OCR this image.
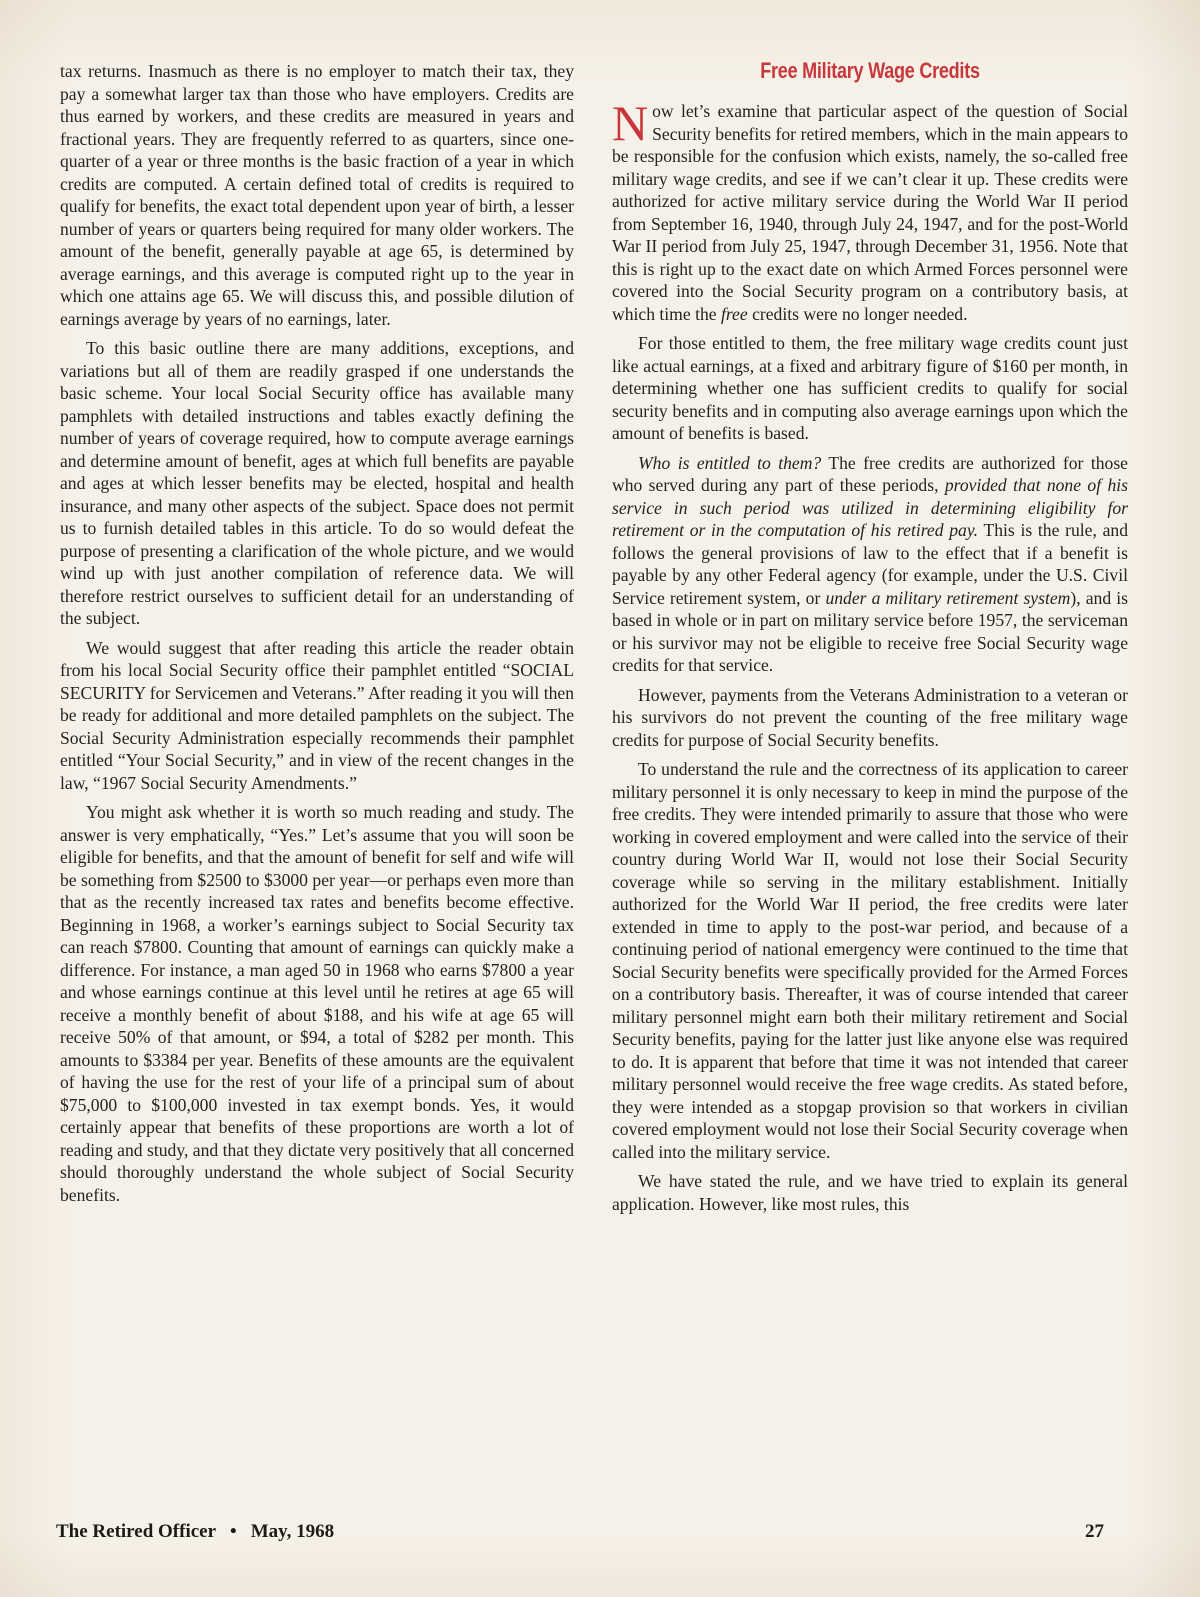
tax returns. Inasmuch as there is no employer to match their tax, they pay a somewhat larger tax than those who have employers. Credits are thus earned by workers, and these credits are measured in years and fractional years. They are frequently referred to as quarters, since one-quarter of a year or three months is the basic fraction of a year in which credits are computed. A certain defined total of credits is required to qualify for benefits, the exact total dependent upon year of birth, a lesser number of years or quarters being required for many older workers. The amount of the benefit, generally payable at age 65, is determined by average earnings, and this average is computed right up to the year in which one attains age 65. We will discuss this, and possible dilution of earnings average by years of no earnings, later.

To this basic outline there are many additions, exceptions, and variations but all of them are readily grasped if one understands the basic scheme. Your local Social Security office has available many pamphlets with detailed instructions and tables exactly defining the number of years of coverage required, how to compute average earnings and determine amount of benefit, ages at which full benefits are payable and ages at which lesser benefits may be elected, hospital and health insurance, and many other aspects of the subject. Space does not permit us to furnish detailed tables in this article. To do so would defeat the purpose of presenting a clarification of the whole picture, and we would wind up with just another compilation of reference data. We will therefore restrict ourselves to sufficient detail for an understanding of the subject.

We would suggest that after reading this article the reader obtain from his local Social Security office their pamphlet entitled “SOCIAL SECURITY for Servicemen and Veterans.” After reading it you will then be ready for additional and more detailed pamphlets on the subject. The Social Security Administration especially recommends their pamphlet entitled “Your Social Security,” and in view of the recent changes in the law, “1967 Social Security Amendments.”

You might ask whether it is worth so much reading and study. The answer is very emphatically, “Yes.” Let’s assume that you will soon be eligible for benefits, and that the amount of benefit for self and wife will be something from $2500 to $3000 per year—or perhaps even more than that as the recently increased tax rates and benefits become effective. Beginning in 1968, a worker’s earnings subject to Social Security tax can reach $7800. Counting that amount of earnings can quickly make a difference. For instance, a man aged 50 in 1968 who earns $7800 a year and whose earnings continue at this level until he retires at age 65 will receive a monthly benefit of about $188, and his wife at age 65 will receive 50% of that amount, or $94, a total of $282 per month. This amounts to $3384 per year. Benefits of these amounts are the equivalent of having the use for the rest of your life of a principal sum of about $75,000 to $100,000 invested in tax exempt bonds. Yes, it would certainly appear that benefits of these proportions are worth a lot of reading and study, and that they dictate very positively that all concerned should thoroughly understand the whole subject of Social Security benefits.

Free Military Wage Credits

Now let’s examine that particular aspect of the question of Social Security benefits for retired members, which in the main appears to be responsible for the confusion which exists, namely, the so-called free military wage credits, and see if we can’t clear it up. These credits were authorized for active military service during the World War II period from September 16, 1940, through July 24, 1947, and for the post-World War II period from July 25, 1947, through December 31, 1956. Note that this is right up to the exact date on which Armed Forces personnel were covered into the Social Security program on a contributory basis, at which time the free credits were no longer needed.

For those entitled to them, the free military wage credits count just like actual earnings, at a fixed and arbitrary figure of $160 per month, in determining whether one has sufficient credits to qualify for social security benefits and in computing also average earnings upon which the amount of benefits is based.

Who is entitled to them? The free credits are authorized for those who served during any part of these periods, provided that none of his service in such period was utilized in determining eligibility for retirement or in the computation of his retired pay. This is the rule, and follows the general provisions of law to the effect that if a benefit is payable by any other Federal agency (for example, under the U.S. Civil Service retirement system, or under a military retirement system), and is based in whole or in part on military service before 1957, the serviceman or his survivor may not be eligible to receive free Social Security wage credits for that service.

However, payments from the Veterans Administration to a veteran or his survivors do not prevent the counting of the free military wage credits for purpose of Social Security benefits.

To understand the rule and the correctness of its application to career military personnel it is only necessary to keep in mind the purpose of the free credits. They were intended primarily to assure that those who were working in covered employment and were called into the service of their country during World War II, would not lose their Social Security coverage while so serving in the military establishment. Initially authorized for the World War II period, the free credits were later extended in time to apply to the post-war period, and because of a continuing period of national emergency were continued to the time that Social Security benefits were specifically provided for the Armed Forces on a contributory basis. Thereafter, it was of course intended that career military personnel might earn both their military retirement and Social Security benefits, paying for the latter just like anyone else was required to do. It is apparent that before that time it was not intended that career military personnel would receive the free wage credits. As stated before, they were intended as a stopgap provision so that workers in civilian covered employment would not lose their Social Security coverage when called into the military service.

We have stated the rule, and we have tried to explain its general application. However, like most rules, this

The Retired Officer • May, 1968	27
